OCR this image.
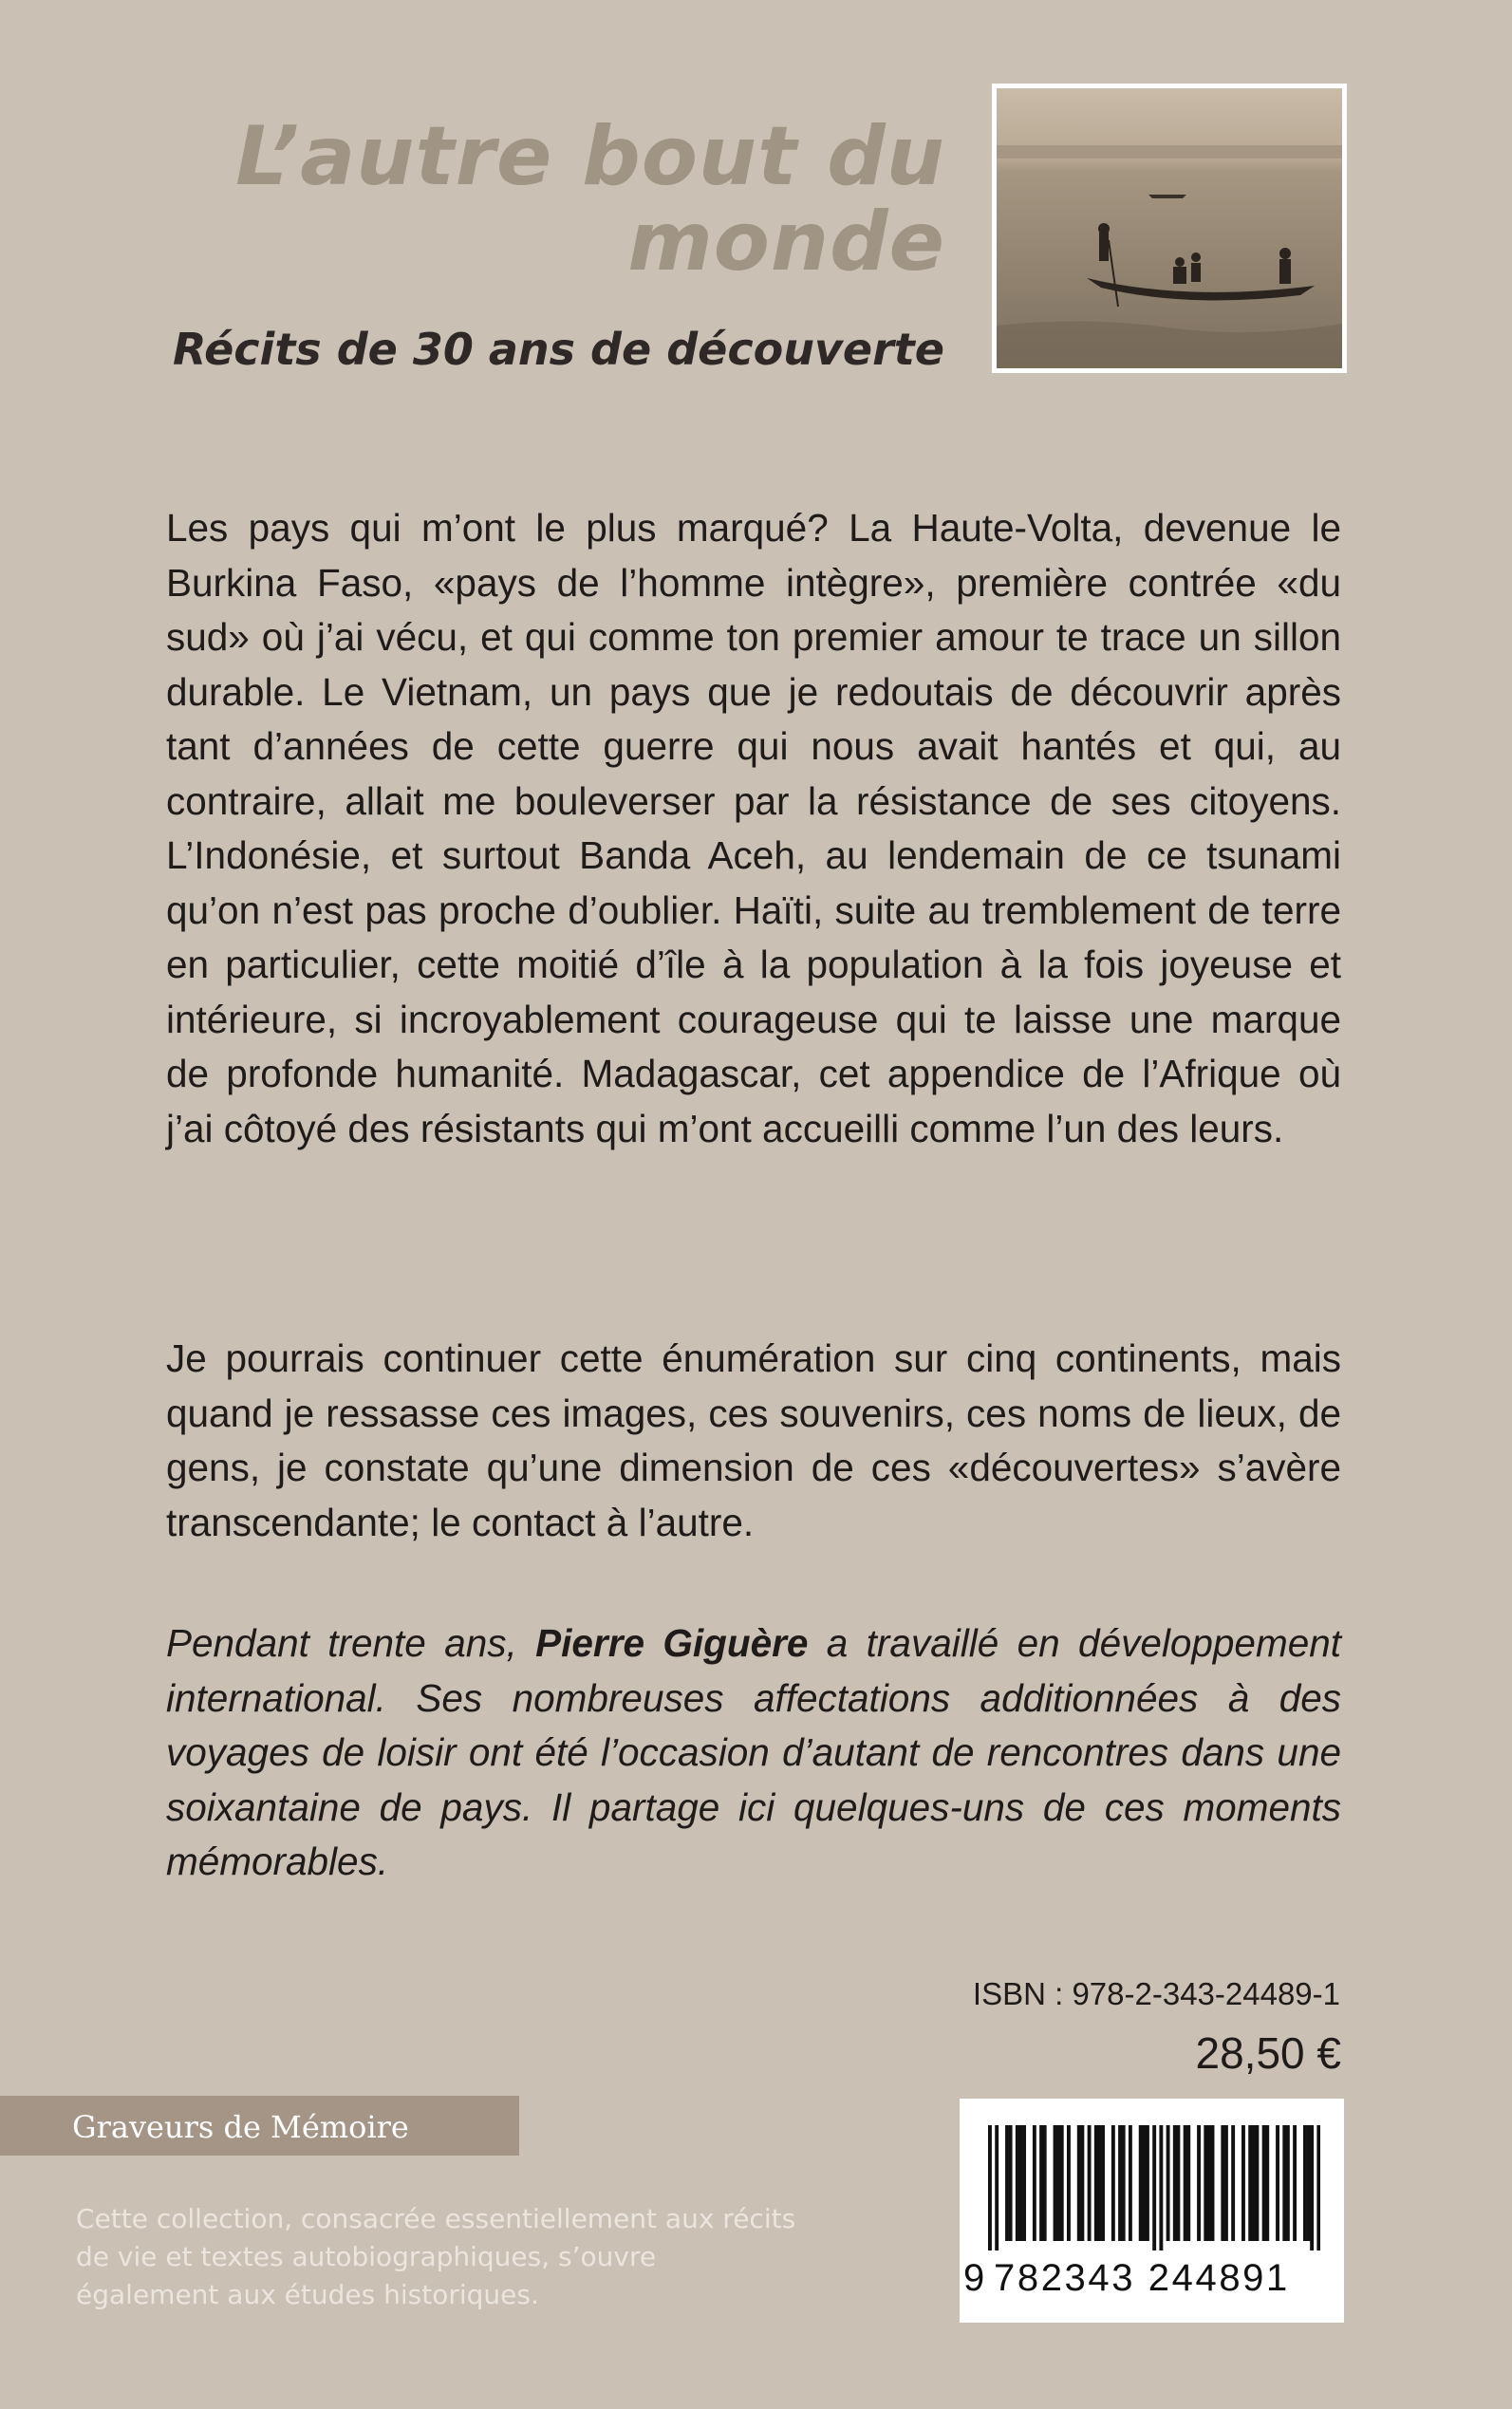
L’autre bout du
monde
Récits de 30 ans de découverte

Les pays qui m’ont le plus marqué? La Haute-Volta, devenue le Burkina Faso, «pays de l’homme intègre», première contrée «du sud» où j’ai vécu, et qui comme ton premier amour te trace un sillon durable. Le Vietnam, un pays que je redoutais de découvrir après tant d’années de cette guerre qui nous avait hantés et qui, au contraire, allait me bouleverser par la résistance de ses citoyens. L’Indonésie, et surtout Banda Aceh, au lendemain de ce tsunami qu’on n’est pas proche d’oublier. Haïti, suite au tremblement de terre en particulier, cette moitié d’île à la population à la fois joyeuse et intérieure, si incroyablement courageuse qui te laisse une marque de profonde humanité. Madagascar, cet appendice de l’Afrique où j’ai côtoyé des résistants qui m’ont accueilli comme l’un des leurs.

Je pourrais continuer cette énumération sur cinq continents, mais quand je ressasse ces images, ces souvenirs, ces noms de lieux, de gens, je constate qu’une dimension de ces «découvertes» s’avère transcendante; le contact à l’autre.

Pendant trente ans, Pierre Giguère a travaillé en développement international. Ses nombreuses affectations additionnées à des voyages de loisir ont été l’occasion d’autant de rencontres dans une soixantaine de pays. Il partage ici quelques-uns de ces moments mémorables.

ISBN : 978-2-343-24489-1
28,50 €
Graveurs de Mémoire

Cette collection, consacrée essentiellement aux récits de vie et textes autobiographiques, s’ouvre également aux études historiques.	9 782343 244891
